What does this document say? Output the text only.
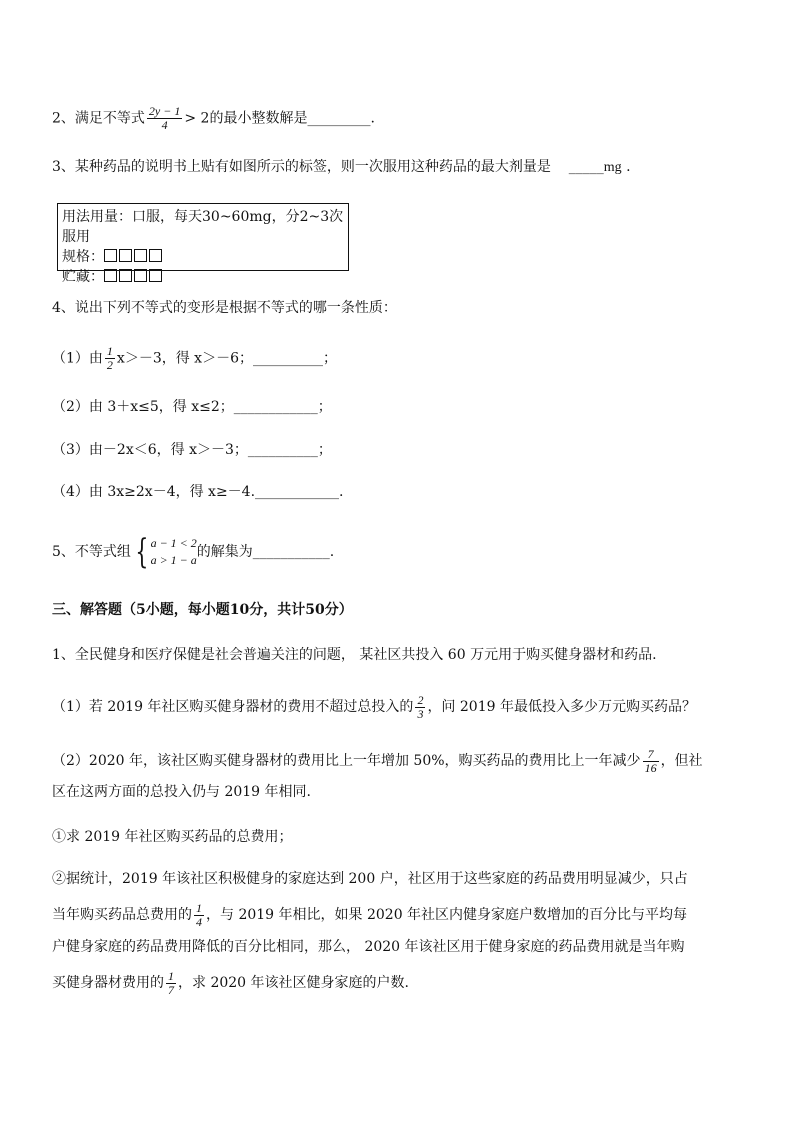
2、满足不等式 $\frac{2y - 1}{4} > 2$的最小整数解是_________.
3、某种药品的说明书上贴有如图所示的标签，则一次服用这种药品的最大剂量是 _____mg .
用法用量：口服，每天30~60mg，分2~3次服用
规格：
贮藏：
4、说出下列不等式的变形是根据不等式的哪一条性质：
（1）由 $\frac{1}{2} x>-3$，得 x＞－6；__________；
（2）由 3＋x≤5，得 x≤2；____________；
（3）由－2x＜6，得 x＞－3；__________；
（4）由 3x≥2x－4，得 x≥－4.____________.
5、不等式组 { a − 1 < 2
a > 1 − a 的解集为___________.
三、解答题（5小题，每小题10分，共计50分）
1、全民健身和医疗保健是社会普遍关注的问题， 某社区共投入 60 万元用于购买健身器材和药品.
（1）若 2019 年社区购买健身器材的费用不超过总投入的 $\frac{2}{3}$ ，问 2019 年最低投入多少万元购买药品？
（2）2020 年，该社区购买健身器材的费用比上一年增加 50%，购买药品的费用比上一年减少 $\frac{7}{16}$ ，但社
区在这两方面的总投入仍与 2019 年相同.
①求 2019 年社区购买药品的总费用；
②据统计，2019 年该社区积极健身的家庭达到 200 户，社区用于这些家庭的药品费用明显减少，只占
当年购买药品总费用的 $\frac{1}{4}$ ，与 2019 年相比，如果 2020 年社区内健身家庭户数增加的百分比与平均每
户健身家庭的药品费用降低的百分比相同，那么， 2020 年该社区用于健身家庭的药品费用就是当年购
买健身器材费用的 $\frac{1}{7}$ ，求 2020 年该社区健身家庭的户数.
